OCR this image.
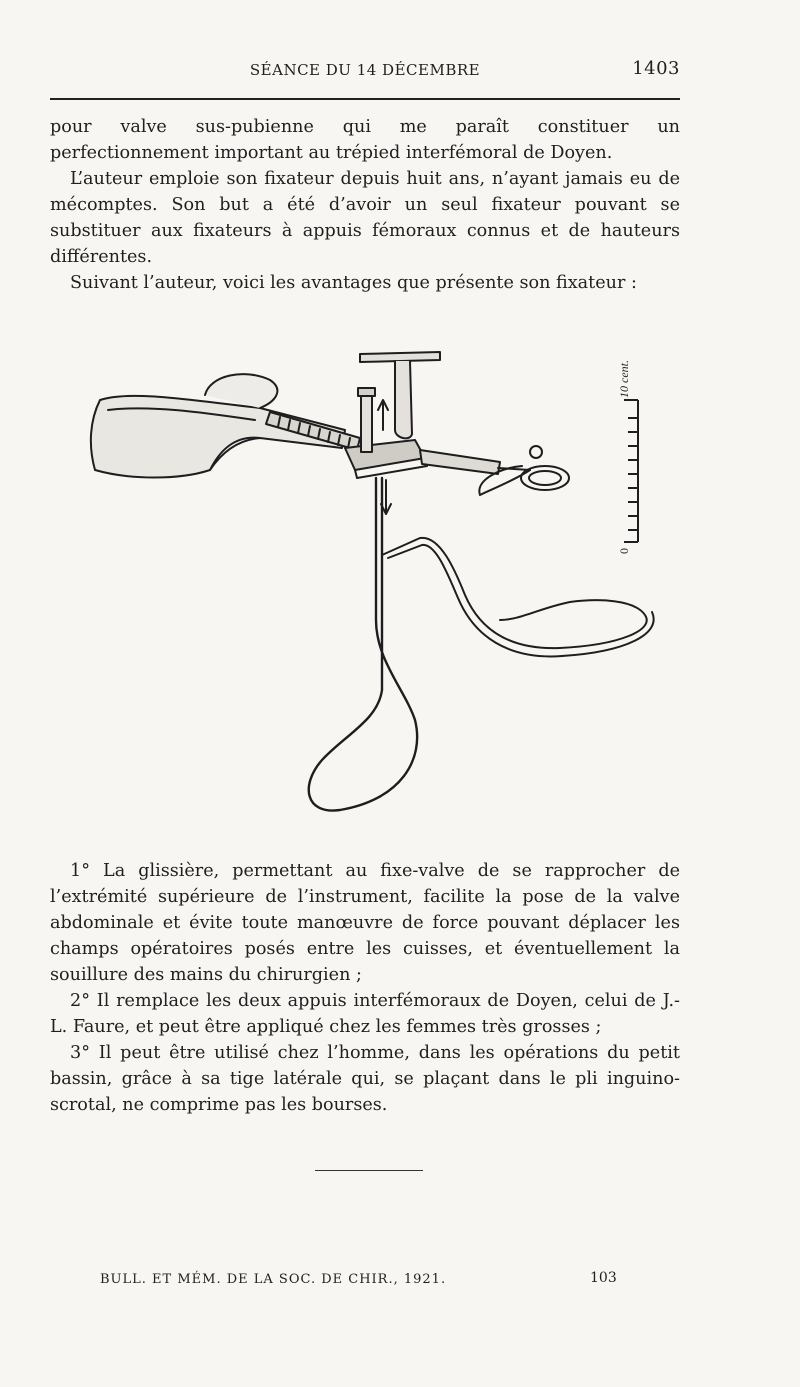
SÉANCE DU 14 DÉCEMBRE	1403

pour valve sus-pubienne qui me paraît constituer un perfectionnement important au trépied interfémoral de Doyen.

L’auteur emploie son fixateur depuis huit ans, n’ayant jamais eu de mécomptes. Son but a été d’avoir un seul fixateur pouvant se substituer aux fixateurs à appuis fémoraux connus et de hauteurs différentes.

Suivant l’auteur, voici les avantages que présente son fixateur :

10 cent.
0

1° La glissière, permettant au fixe-valve de se rapprocher de l’extrémité supérieure de l’instrument, facilite la pose de la valve abdominale et évite toute manœuvre de force pouvant déplacer les champs opératoires posés entre les cuisses, et éventuellement la souillure des mains du chirurgien ;

2° Il remplace les deux appuis interfémoraux de Doyen, celui de J.-L. Faure, et peut être appliqué chez les femmes très grosses ;

3° Il peut être utilisé chez l’homme, dans les opérations du petit bassin, grâce à sa tige latérale qui, se plaçant dans le pli inguino-scrotal, ne comprime pas les bourses.

BULL. ET MÉM. DE LA SOC. DE CHIR., 1921.	103
